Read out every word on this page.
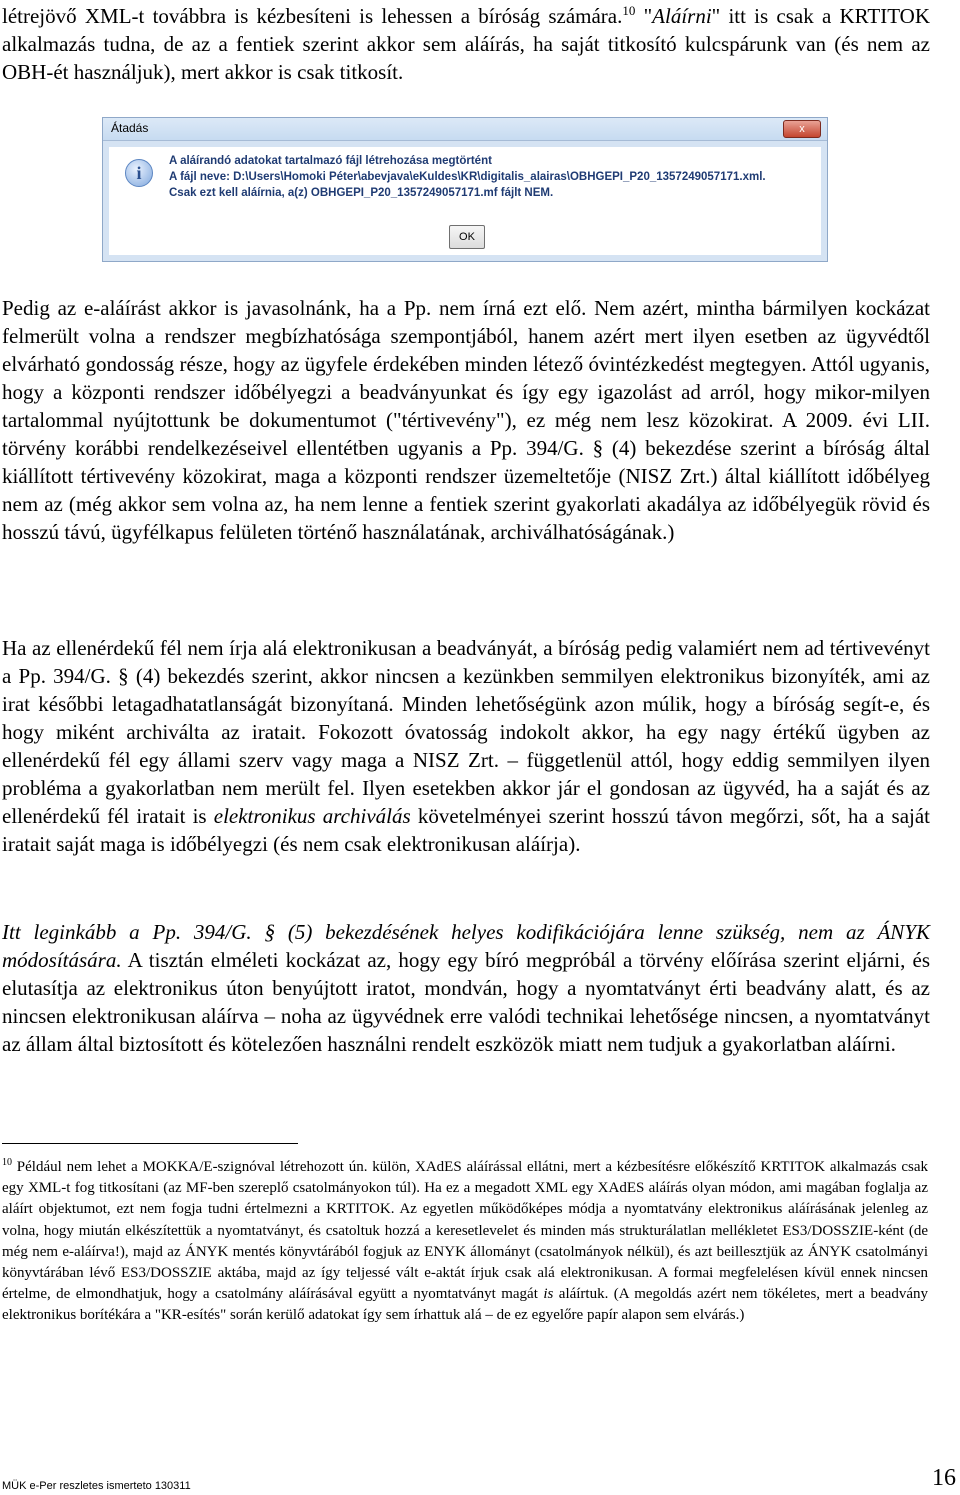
létrejövő XML-t továbbra is kézbesíteni is lehessen a bíróság számára.$^{10}$ "Aláírni" itt is csak a KRTITOK alkalmazás tudna, de az a fentiek szerint akkor sem aláírás, ha saját titkosító kulcspárunk van (és nem az OBH-ét használjuk), mert akkor is csak titkosít.

Átadás	x
i
A aláírandó adatokat tartalmazó fájl létrehozása megtörtént
A fájl neve: D:\Users\Homoki Péter\abevjava\eKuldes\KR\digitalis_alairas\OBHGEPI_P20_1357249057171.xml.
Csak ezt kell aláírnia, a(z) OBHGEPI_P20_1357249057171.mf fájlt NEM.
OK

Pedig az e-aláírást akkor is javasolnánk, ha a Pp. nem írná ezt elő. Nem azért, mintha bármilyen kockázat felmerült volna a rendszer megbízhatósága szempontjából, hanem azért mert ilyen esetben az ügyvédtől elvárható gondosság része, hogy az ügyfele érdekében minden létező óvintézkedést megtegyen. Attól ugyanis, hogy a központi rendszer időbélyegzi a beadványunkat és így egy igazolást ad arról, hogy mikor-milyen tartalommal nyújtottunk be dokumentumot ("tértivevény"), ez még nem lesz közokirat. A 2009. évi LII. törvény korábbi rendelkezéseivel ellentétben ugyanis a Pp. 394/G. § (4) bekezdése szerint a bíróság által kiállított tértivevény közokirat, maga a központi rendszer üzemeltetője (NISZ Zrt.) által kiállított időbélyeg nem az (még akkor sem volna az, ha nem lenne a fentiek szerint gyakorlati akadálya az időbélyegük rövid és hosszú távú, ügyfélkapus felületen történő használatának, archiválhatóságának.)

Ha az ellenérdekű fél nem írja alá elektronikusan a beadványát, a bíróság pedig valamiért nem ad tértivevényt a Pp. 394/G. § (4) bekezdés szerint, akkor nincsen a kezünkben semmilyen elektronikus bizonyíték, ami az irat későbbi letagadhatatlanságát bizonyítaná. Minden lehetőségünk azon múlik, hogy a bíróság segít-e, és hogy miként archiválta az iratait. Fokozott óvatosság indokolt akkor, ha egy nagy értékű ügyben az ellenérdekű fél egy állami szerv vagy maga a NISZ Zrt. – függetlenül attól, hogy eddig semmilyen ilyen probléma a gyakorlatban nem merült fel. Ilyen esetekben akkor jár el gondosan az ügyvéd, ha a saját és az ellenérdekű fél iratait is elektronikus archiválás követelményei szerint hosszú távon megőrzi, sőt, ha a saját iratait saját maga is időbélyegzi (és nem csak elektronikusan aláírja).

Itt leginkább a Pp. 394/G. § (5) bekezdésének helyes kodifikációjára lenne szükség, nem az ÁNYK módosítására. A tisztán elméleti kockázat az, hogy egy bíró megpróbál a törvény előírása szerint eljárni, és elutasítja az elektronikus úton benyújtott iratot, mondván, hogy a nyomtatványt érti beadvány alatt, és az nincsen elektronikusan aláírva – noha az ügyvédnek erre valódi technikai lehetősége nincsen, a nyomtatványt az állam által biztosított és kötelezően használni rendelt eszközök miatt nem tudjuk a gyakorlatban aláírni.

$^{10}$ Például nem lehet a MOKKA/E-szignóval létrehozott ún. külön, XAdES aláírással ellátni, mert a kézbesítésre előkészítő KRTITOK alkalmazás csak egy XML-t fog titkosítani (az MF-ben szereplő csatolmányokon túl). Ha ez a megadott XML egy XAdES aláírás olyan módon, ami magában foglalja az aláírt objektumot, ezt nem fogja tudni értelmezni a KRTITOK. Az egyetlen működőképes módja a nyomtatvány elektronikus aláírásának jelenleg az volna, hogy miután elkészítettük a nyomtatványt, és csatoltuk hozzá a keresetlevelet és minden más strukturálatlan mellékletet ES3/DOSSZIE-ként (de még nem e-aláírva!), majd az ÁNYK mentés könyvtárából fogjuk az ENYK állományt (csatolmányok nélkül), és azt beillesztjük az ÁNYK csatolmányi könyvtárában lévő ES3/DOSSZIE aktába, majd az így teljessé vált e-aktát írjuk csak alá elektronikusan. A formai megfelelésen kívül ennek nincsen értelme, de elmondhatjuk, hogy a csatolmány aláírásával együtt a nyomtatványt magát is aláírtuk. (A megoldás azért nem tökéletes, mert a beadvány elektronikus borítékára a "KR-esítés" során kerülő adatokat így sem írhattuk alá – de ez egyelőre papír alapon sem elvárás.)

MÜK e-Per reszletes ismerteto 130311	16
